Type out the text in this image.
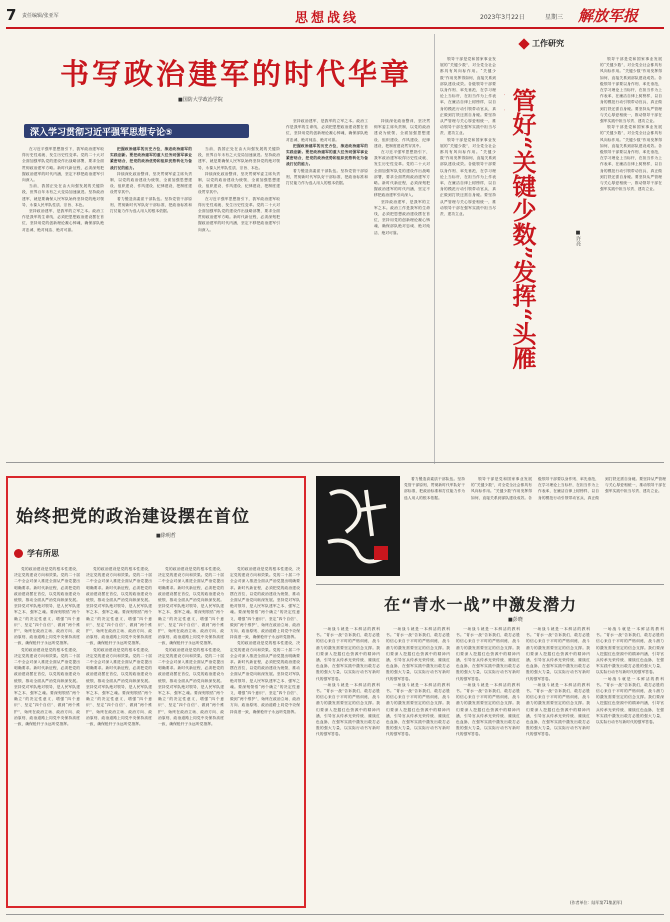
7 责任编辑/张亚军	思想战线	2023年3月22日	星期三 解放军报
书写政治建军的时代华章
■国防大学政治学院
深入学习贯彻习近平强军思想专论⑤

在习近平强军思想指引下，我军政治建军取得历史性成就、发生历史性变革。党的二十大对全面加强军队党的建设作出战略部署，要求全面贯彻政治建军方略。新时代新征程，必须深刻把握政治建军的时代内涵，坚定不移把政治建军引向深入。

当前，我国正处在由大向强发展的关键阶段，世界百年未有之大变局加速演进。坚持政治建军，就是要确保人民军队始终坚持党的绝对领导，永葆人民军队性质、宗旨、本色。

坚持政治建军，是我军的立军之本。政治工作是我军的生命线，必须把思想政治建设摆在首位，坚持用党的创新理论凝心铸魂，确保部队绝对忠诚、绝对纯洁、绝对可靠。

把握政治建军的历史方位，推进政治建军的实践创新。要把政治建军的重大任务同强军事业紧密结合，把党的政治优势和组织优势转化为备战打仗的能力。

持续深化政治整训，坚决贯彻军委主席负责制，以党的政治建设为统领，全面加强思想建设、组织建设、作风建设、纪律建设，把制度建设贯穿其中。

着力锻造高素质干部队伍。坚持党管干部原则，贯彻新时代军队好干部标准，把政治标准和打仗能力作为选人用人的根本依据。

当前，我国正处在由大向强发展的关键阶段，世界百年未有之大变局加速演进。坚持政治建军，就是要确保人民军队始终坚持党的绝对领导，永葆人民军队性质、宗旨、本色。

持续深化政治整训，坚决贯彻军委主席负责制，以党的政治建设为统领，全面加强思想建设、组织建设、作风建设、纪律建设，把制度建设贯穿其中。

在习近平强军思想指引下，我军政治建军取得历史性成就、发生历史性变革。党的二十大对全面加强军队党的建设作出战略部署，要求全面贯彻政治建军方略。新时代新征程，必须深刻把握政治建军的时代内涵，坚定不移把政治建军引向深入。

坚持政治建军，是我军的立军之本。政治工作是我军的生命线，必须把思想政治建设摆在首位，坚持用党的创新理论凝心铸魂，确保部队绝对忠诚、绝对纯洁、绝对可靠。

把握政治建军的历史方位，推进政治建军的实践创新。要把政治建军的重大任务同强军事业紧密结合，把党的政治优势和组织优势转化为备战打仗的能力。

着力锻造高素质干部队伍。坚持党管干部原则，贯彻新时代军队好干部标准，把政治标准和打仗能力作为选人用人的根本依据。

持续深化政治整训，坚决贯彻军委主席负责制，以党的政治建设为统领，全面加强思想建设、组织建设、作风建设、纪律建设，把制度建设贯穿其中。

在习近平强军思想指引下，我军政治建军取得历史性成就、发生历史性变革。党的二十大对全面加强军队党的建设作出战略部署，要求全面贯彻政治建军方略。新时代新征程，必须深刻把握政治建军的时代内涵，坚定不移把政治建军引向深入。

坚持政治建军，是我军的立军之本。政治工作是我军的生命线，必须把思想政治建设摆在首位，坚持用党的创新理论凝心铸魂，确保部队绝对忠诚、绝对纯洁、绝对可靠。

工作研究

领导干部是党和国家事业发展的“关键少数”，对全党全社会都具有风向标作用。“关键少数”作用发挥得如何，直接关系到部队建设成效。各级领导干部要以身作则、率先垂范，在学习理论上当标杆，在担当作为上作表率，在廉洁自律上树榜样，以自身的模范行动引领带动官兵，真正做到打铁还需自身硬。要坚持从严管理与关心厚爱相统一，推动领导干部在强军实践中担当尽责、建功立业。

领导干部是党和国家事业发展的“关键少数”，对全党全社会都具有风向标作用。“关键少数”作用发挥得如何，直接关系到部队建设成效。各级领导干部要以身作则、率先垂范，在学习理论上当标杆，在担当作为上作表率，在廉洁自律上树榜样，以自身的模范行动引领带动官兵，真正做到打铁还需自身硬。要坚持从严管理与关心厚爱相统一，推动领导干部在强军实践中担当尽责、建功立业。

管好“关键少数”发挥“头雁
■许亮

领导干部是党和国家事业发展的“关键少数”，对全党全社会都具有风向标作用。“关键少数”作用发挥得如何，直接关系到部队建设成效。各级领导干部要以身作则、率先垂范，在学习理论上当标杆，在担当作为上作表率，在廉洁自律上树榜样，以自身的模范行动引领带动官兵，真正做到打铁还需自身硬。要坚持从严管理与关心厚爱相统一，推动领导干部在强军实践中担当尽责、建功立业。

领导干部是党和国家事业发展的“关键少数”，对全党全社会都具有风向标作用。“关键少数”作用发挥得如何，直接关系到部队建设成效。各级领导干部要以身作则、率先垂范，在学习理论上当标杆，在担当作为上作表率，在廉洁自律上树榜样，以自身的模范行动引领带动官兵，真正做到打铁还需自身硬。要坚持从严管理与关心厚爱相统一，推动领导干部在强军实践中担当尽责、建功立业。

始终把党的政治建设摆在首位
■徐明哲
学有所思

党的政治建设是党的根本性建设，决定党的建设方向和效果。党的二十届二中全会对深入推进全面从严治党提出明确要求。新时代新征程，必须把党的政治建设摆在首位，以党的政治建设为统领，推动全面从严治党向纵深发展。坚持党对军队绝对领导，是人民军队建军之本、强军之魂。要深刻领悟“两个确立”的决定性意义，增强“四个意识”、坚定“四个自信”、做到“两个维护”，始终在政治立场、政治方向、政治原则、政治道路上同党中央保持高度一致，确保枪杆子永远听党指挥。

党的政治建设是党的根本性建设，决定党的建设方向和效果。党的二十届二中全会对深入推进全面从严治党提出明确要求。新时代新征程，必须把党的政治建设摆在首位，以党的政治建设为统领，推动全面从严治党向纵深发展。坚持党对军队绝对领导，是人民军队建军之本、强军之魂。要深刻领悟“两个确立”的决定性意义，增强“四个意识”、坚定“四个自信”、做到“两个维护”，始终在政治立场、政治方向、政治原则、政治道路上同党中央保持高度一致，确保枪杆子永远听党指挥。

党的政治建设是党的根本性建设，决定党的建设方向和效果。党的二十届二中全会对深入推进全面从严治党提出明确要求。新时代新征程，必须把党的政治建设摆在首位，以党的政治建设为统领，推动全面从严治党向纵深发展。坚持党对军队绝对领导，是人民军队建军之本、强军之魂。要深刻领悟“两个确立”的决定性意义，增强“四个意识”、坚定“四个自信”、做到“两个维护”，始终在政治立场、政治方向、政治原则、政治道路上同党中央保持高度一致，确保枪杆子永远听党指挥。

党的政治建设是党的根本性建设，决定党的建设方向和效果。党的二十届二中全会对深入推进全面从严治党提出明确要求。新时代新征程，必须把党的政治建设摆在首位，以党的政治建设为统领，推动全面从严治党向纵深发展。坚持党对军队绝对领导，是人民军队建军之本、强军之魂。要深刻领悟“两个确立”的决定性意义，增强“四个意识”、坚定“四个自信”、做到“两个维护”，始终在政治立场、政治方向、政治原则、政治道路上同党中央保持高度一致，确保枪杆子永远听党指挥。

党的政治建设是党的根本性建设，决定党的建设方向和效果。党的二十届二中全会对深入推进全面从严治党提出明确要求。新时代新征程，必须把党的政治建设摆在首位，以党的政治建设为统领，推动全面从严治党向纵深发展。坚持党对军队绝对领导，是人民军队建军之本、强军之魂。要深刻领悟“两个确立”的决定性意义，增强“四个意识”、坚定“四个自信”、做到“两个维护”，始终在政治立场、政治方向、政治原则、政治道路上同党中央保持高度一致，确保枪杆子永远听党指挥。

党的政治建设是党的根本性建设，决定党的建设方向和效果。党的二十届二中全会对深入推进全面从严治党提出明确要求。新时代新征程，必须把党的政治建设摆在首位，以党的政治建设为统领，推动全面从严治党向纵深发展。坚持党对军队绝对领导，是人民军队建军之本、强军之魂。要深刻领悟“两个确立”的决定性意义，增强“四个意识”、坚定“四个自信”、做到“两个维护”，始终在政治立场、政治方向、政治原则、政治道路上同党中央保持高度一致，确保枪杆子永远听党指挥。

党的政治建设是党的根本性建设，决定党的建设方向和效果。党的二十届二中全会对深入推进全面从严治党提出明确要求。新时代新征程，必须把党的政治建设摆在首位，以党的政治建设为统领，推动全面从严治党向纵深发展。坚持党对军队绝对领导，是人民军队建军之本、强军之魂。要深刻领悟“两个确立”的决定性意义，增强“四个意识”、坚定“四个自信”、做到“两个维护”，始终在政治立场、政治方向、政治原则、政治道路上同党中央保持高度一致，确保枪杆子永远听党指挥。

党的政治建设是党的根本性建设，决定党的建设方向和效果。党的二十届二中全会对深入推进全面从严治党提出明确要求。新时代新征程，必须把党的政治建设摆在首位，以党的政治建设为统领，推动全面从严治党向纵深发展。坚持党对军队绝对领导，是人民军队建军之本、强军之魂。要深刻领悟“两个确立”的决定性意义，增强“四个意识”、坚定“四个自信”、做到“两个维护”，始终在政治立场、政治方向、政治原则、政治道路上同党中央保持高度一致，确保枪杆子永远听党指挥。

着力锻造高素质干部队伍。坚持党管干部原则，贯彻新时代军队好干部标准，把政治标准和打仗能力作为选人用人的根本依据。

领导干部是党和国家事业发展的“关键少数”，对全党全社会都具有风向标作用。“关键少数”作用发挥得如何，直接关系到部队建设成效。各级领导干部要以身作则、率先垂范，在学习理论上当标杆，在担当作为上作表率，在廉洁自律上树榜样，以自身的模范行动引领带动官兵，真正做到打铁还需自身硬。要坚持从严管理与关心厚爱相统一，推动领导干部在强军实践中担当尽责、建功立业。

在“青水一战”中激发潜力
■彭晓

一场战斗就是一本鲜活的教科书。“青水一战”告诉我们，敢打必胜的信心来自于平时的严格训练，战斗潜力的激发需要坚定的信念支撑。我们要深入挖掘红色资源中的精神内涵，引导官兵传承光荣传统、赓续红色血脉，在强军实践中激发出敢打必胜的强大力量，以实际行动书写新时代的强军答卷。

一场战斗就是一本鲜活的教科书。“青水一战”告诉我们，敢打必胜的信心来自于平时的严格训练，战斗潜力的激发需要坚定的信念支撑。我们要深入挖掘红色资源中的精神内涵，引导官兵传承光荣传统、赓续红色血脉，在强军实践中激发出敢打必胜的强大力量，以实际行动书写新时代的强军答卷。

一场战斗就是一本鲜活的教科书。“青水一战”告诉我们，敢打必胜的信心来自于平时的严格训练，战斗潜力的激发需要坚定的信念支撑。我们要深入挖掘红色资源中的精神内涵，引导官兵传承光荣传统、赓续红色血脉，在强军实践中激发出敢打必胜的强大力量，以实际行动书写新时代的强军答卷。

一场战斗就是一本鲜活的教科书。“青水一战”告诉我们，敢打必胜的信心来自于平时的严格训练，战斗潜力的激发需要坚定的信念支撑。我们要深入挖掘红色资源中的精神内涵，引导官兵传承光荣传统、赓续红色血脉，在强军实践中激发出敢打必胜的强大力量，以实际行动书写新时代的强军答卷。

一场战斗就是一本鲜活的教科书。“青水一战”告诉我们，敢打必胜的信心来自于平时的严格训练，战斗潜力的激发需要坚定的信念支撑。我们要深入挖掘红色资源中的精神内涵，引导官兵传承光荣传统、赓续红色血脉，在强军实践中激发出敢打必胜的强大力量，以实际行动书写新时代的强军答卷。

一场战斗就是一本鲜活的教科书。“青水一战”告诉我们，敢打必胜的信心来自于平时的严格训练，战斗潜力的激发需要坚定的信念支撑。我们要深入挖掘红色资源中的精神内涵，引导官兵传承光荣传统、赓续红色血脉，在强军实践中激发出敢打必胜的强大力量，以实际行动书写新时代的强军答卷。

一场战斗就是一本鲜活的教科书。“青水一战”告诉我们，敢打必胜的信心来自于平时的严格训练，战斗潜力的激发需要坚定的信念支撑。我们要深入挖掘红色资源中的精神内涵，引导官兵传承光荣传统、赓续红色血脉，在强军实践中激发出敢打必胜的强大力量，以实际行动书写新时代的强军答卷。

一场战斗就是一本鲜活的教科书。“青水一战”告诉我们，敢打必胜的信心来自于平时的严格训练，战斗潜力的激发需要坚定的信念支撑。我们要深入挖掘红色资源中的精神内涵，引导官兵传承光荣传统、赓续红色血脉，在强军实践中激发出敢打必胜的强大力量，以实际行动书写新时代的强军答卷。

一场战斗就是一本鲜活的教科书。“青水一战”告诉我们，敢打必胜的信心来自于平时的严格训练，战斗潜力的激发需要坚定的信念支撑。我们要深入挖掘红色资源中的精神内涵，引导官兵传承光荣传统、赓续红色血脉，在强军实践中激发出敢打必胜的强大力量，以实际行动书写新时代的强军答卷。

一场战斗就是一本鲜活的教科书。“青水一战”告诉我们，敢打必胜的信心来自于平时的严格训练，战斗潜力的激发需要坚定的信念支撑。我们要深入挖掘红色资源中的精神内涵，引导官兵传承光荣传统、赓续红色血脉，在强军实践中激发出敢打必胜的强大力量，以实际行动书写新时代的强军答卷。

(作者单位：陆军第71集团军)
